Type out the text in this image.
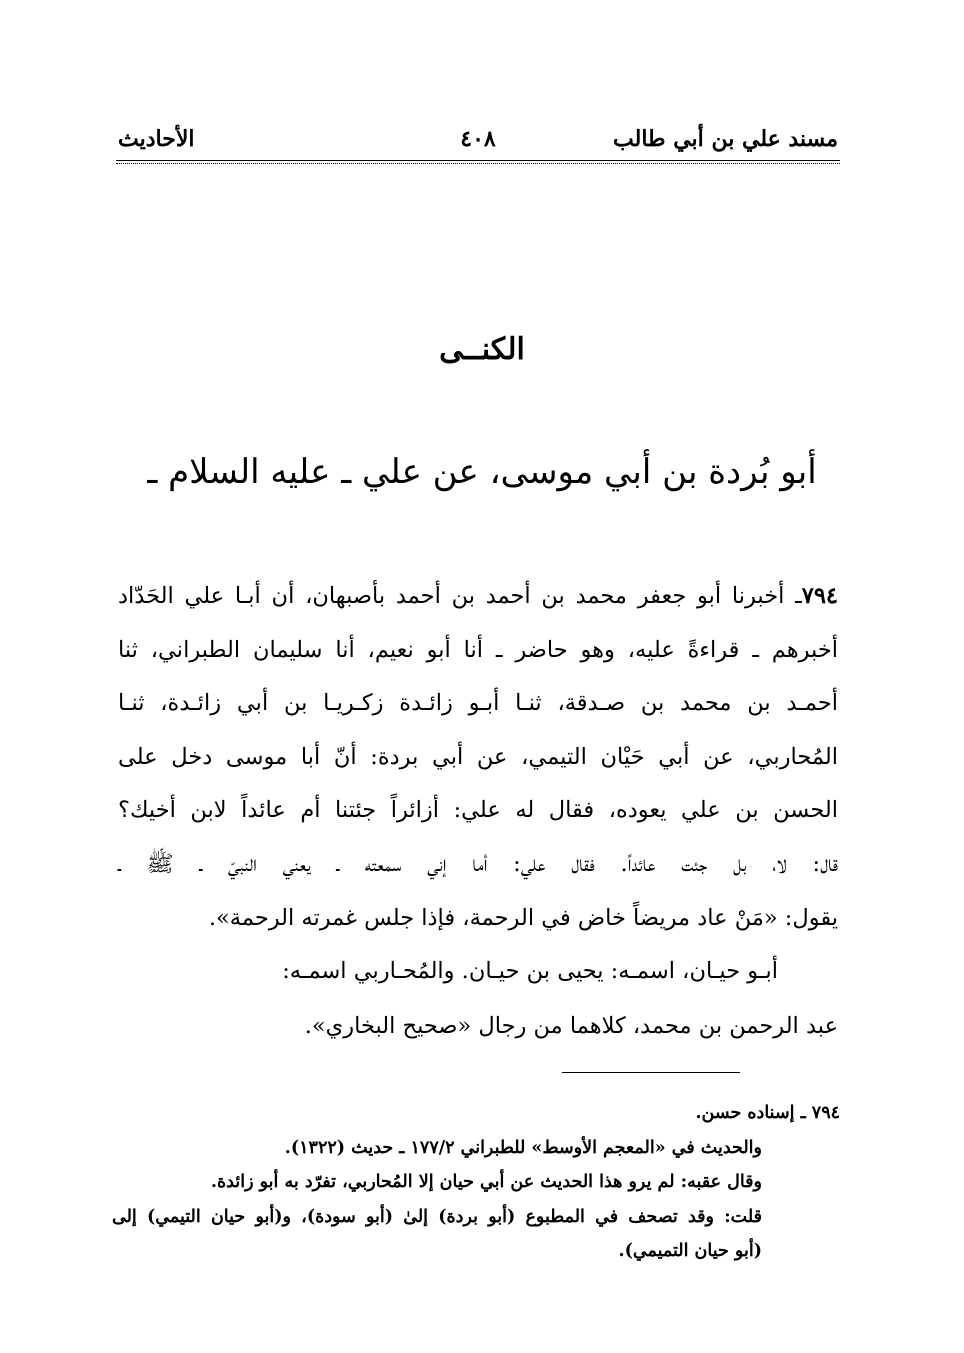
مسند علي بن أبي طالب
٤٠٨
الأحاديث
الكنــى
أبو بُردة بن أبي موسى، عن علي ـ عليه السلام ـ
٧٩٤ـ أخبرنا أبو جعفر محمد بن أحمد بن أحمد بأصبهان، أن أبـا علي الحَدّاد
أخبرهم ـ قراءةً عليه، وهو حاضر ـ أنا أبو نعيم، أنا سليمان الطبراني، ثنا
أحمـد بن محمد بن صـدقة، ثنـا أبـو زائـدة زكـريـا بن أبي زائـدة، ثنـا
المُحاربي، عن أبي حَيْان التيمي، عن أبي بردة: أنّ أبا موسى دخل على
الحسن بن علي يعوده، فقال له علي: أزائراً جئتنا أم عائداً لابن أخيك؟
قال: لا، بل جئت عائداً. فقال علي: أما إني سمعته ـ يعني النبيّ ـ ﷺ ـ
يقول: «مَنْ عاد مريضاً خاض في الرحمة، فإذا جلس غمرته الرحمة».
أبـو حيـان، اسمـه: يحيى بن حيـان. والمُحـاربي اسمـه:
عبد الرحمن بن محمد، كلاهما من رجال «صحيح البخاري».
٧٩٤ ـ إسناده حسن.
والحديث في «المعجم الأوسط» للطبراني ١٧٧/٢ ـ حديث (١٣٢٢).
وقال عقبه: لم يرو هذا الحديث عن أبي حيان إلا المُحاربي، تفرّد به أبو زائدة.
قلت: وقد تصحف في المطبوع (أبو بردة) إلىٰ (أبو سودة)، و(أبو حيان التيمي) إلى
(أبو حيان التميمي).
